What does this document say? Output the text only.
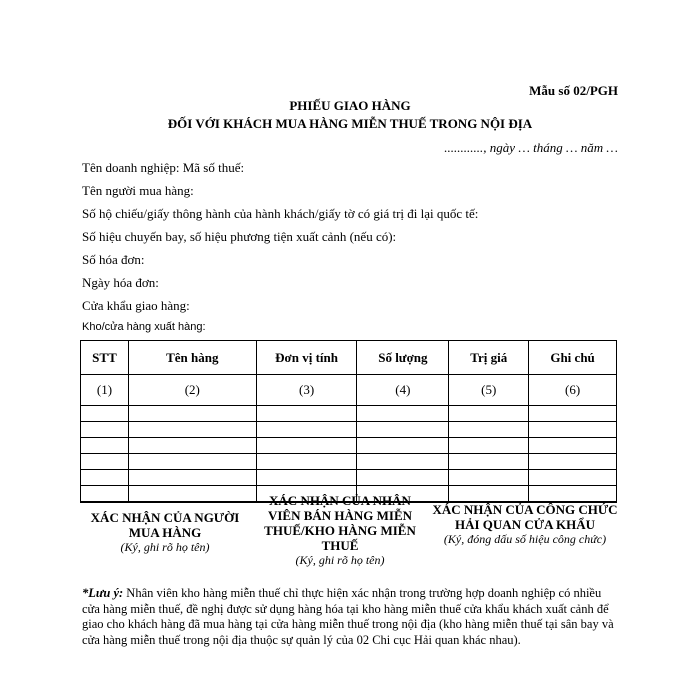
Mẫu số 02/PGH
PHIẾU GIAO HÀNG
ĐỐI VỚI KHÁCH MUA HÀNG MIỄN THUẾ TRONG NỘI ĐỊA
............, ngày … tháng … năm …
Tên doanh nghiệp: Mã số thuế:
Tên người mua hàng:
Số hộ chiếu/giấy thông hành của hành khách/giấy tờ có giá trị đi lại quốc tế:
Số hiệu chuyến bay, số hiệu phương tiện xuất cảnh (nếu có):
Số hóa đơn:
Ngày hóa đơn:
Cửa khẩu giao hàng:
Kho/cửa hàng xuất hàng:
STT	Tên hàng	Đơn vị tính	Số lượng	Trị giá	Ghi chú
(1)	(2)	(3)	(4)	(5)	(6)

XÁC NHẬN CỦA NGƯỜI MUA HÀNG
(Ký, ghi rõ họ tên)
XÁC NHẬN CỦA NHÂN VIÊN BÁN HÀNG MIỄN THUẾ/KHO HÀNG MIỄN THUẾ
(Ký, ghi rõ họ tên)
XÁC NHẬN CỦA CÔNG CHỨC HẢI QUAN CỬA KHẨU
(Ký, đóng dấu số hiệu công chức)
*Lưu ý: Nhân viên kho hàng miễn thuế chỉ thực hiện xác nhận trong trường hợp doanh nghiệp có nhiều cửa hàng miễn thuế, đề nghị được sử dụng hàng hóa tại kho hàng miễn thuế cửa khẩu khách xuất cảnh để giao cho khách hàng đã mua hàng tại cửa hàng miễn thuế trong nội địa (kho hàng miễn thuế tại sân bay và cửa hàng miễn thuế trong nội địa thuộc sự quản lý của 02 Chi cục Hải quan khác nhau).
